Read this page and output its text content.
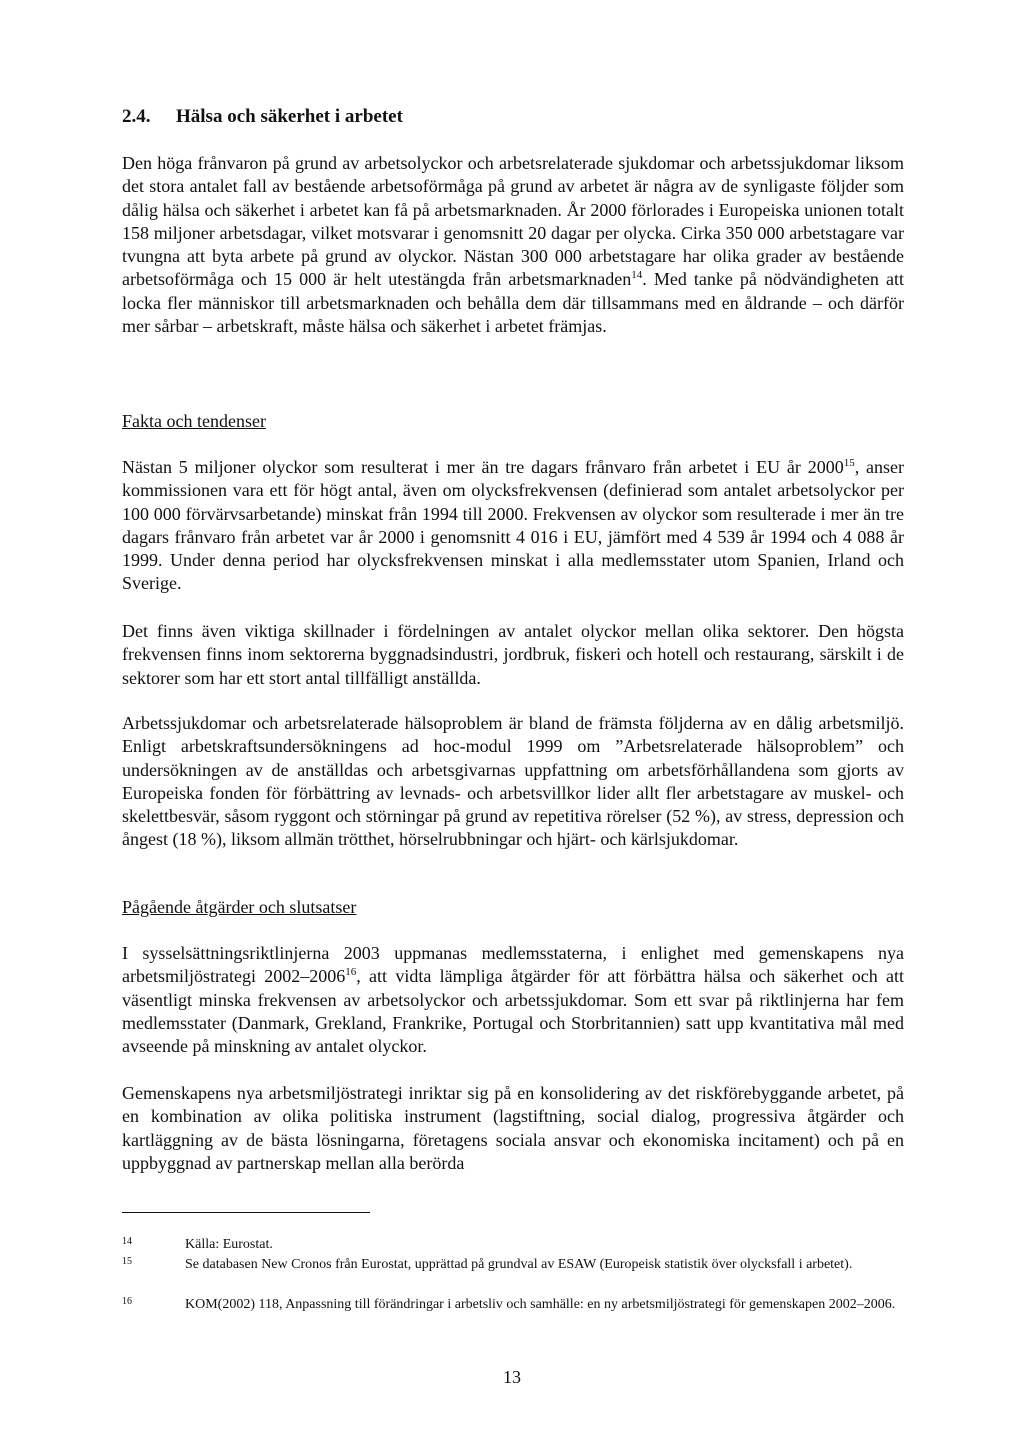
2.4. Hälsa och säkerhet i arbetet

Den höga frånvaron på grund av arbetsolyckor och arbetsrelaterade sjukdomar och arbetssjukdomar liksom det stora antalet fall av bestående arbetsoförmåga på grund av arbetet är några av de synligaste följder som dålig hälsa och säkerhet i arbetet kan få på arbetsmarknaden. År 2000 förlorades i Europeiska unionen totalt 158 miljoner arbetsdagar, vilket motsvarar i genomsnitt 20 dagar per olycka. Cirka 350 000 arbetstagare var tvungna att byta arbete på grund av olyckor. Nästan 300 000 arbetstagare har olika grader av bestående arbetsoförmåga och 15 000 är helt utestängda från arbetsmarknaden$^{14}$. Med tanke på nödvändigheten att locka fler människor till arbetsmarknaden och behålla dem där tillsammans med en åldrande – och därför mer sårbar – arbetskraft, måste hälsa och säkerhet i arbetet främjas.

Fakta och tendenser

Nästan 5 miljoner olyckor som resulterat i mer än tre dagars frånvaro från arbetet i EU år 2000$^{15}$, anser kommissionen vara ett för högt antal, även om olycksfrekvensen (definierad som antalet arbetsolyckor per 100 000 förvärvsarbetande) minskat från 1994 till 2000. Frekvensen av olyckor som resulterade i mer än tre dagars frånvaro från arbetet var år 2000 i genomsnitt 4 016 i EU, jämfört med 4 539 år 1994 och 4 088 år 1999. Under denna period har olycksfrekvensen minskat i alla medlemsstater utom Spanien, Irland och Sverige.

Det finns även viktiga skillnader i fördelningen av antalet olyckor mellan olika sektorer. Den högsta frekvensen finns inom sektorerna byggnadsindustri, jordbruk, fiskeri och hotell och restaurang, särskilt i de sektorer som har ett stort antal tillfälligt anställda.

Arbetssjukdomar och arbetsrelaterade hälsoproblem är bland de främsta följderna av en dålig arbetsmiljö. Enligt arbetskraftsundersökningens ad hoc-modul 1999 om ”Arbetsrelaterade hälsoproblem” och undersökningen av de anställdas och arbetsgivarnas uppfattning om arbetsförhållandena som gjorts av Europeiska fonden för förbättring av levnads- och arbetsvillkor lider allt fler arbetstagare av muskel- och skelettbesvär, såsom ryggont och störningar på grund av repetitiva rörelser (52 %), av stress, depression och ångest (18 %), liksom allmän trötthet, hörselrubbningar och hjärt- och kärlsjukdomar.

Pågående åtgärder och slutsatser

I sysselsättningsriktlinjerna 2003 uppmanas medlemsstaterna, i enlighet med gemenskapens nya arbetsmiljöstrategi 2002–2006$^{16}$, att vidta lämpliga åtgärder för att förbättra hälsa och säkerhet och att väsentligt minska frekvensen av arbetsolyckor och arbetssjukdomar. Som ett svar på riktlinjerna har fem medlemsstater (Danmark, Grekland, Frankrike, Portugal och Storbritannien) satt upp kvantitativa mål med avseende på minskning av antalet olyckor.

Gemenskapens nya arbetsmiljöstrategi inriktar sig på en konsolidering av det riskförebyggande arbetet, på en kombination av olika politiska instrument (lagstiftning, social dialog, progressiva åtgärder och kartläggning av de bästa lösningarna, företagens sociala ansvar och ekonomiska incitament) och på en uppbyggnad av partnerskap mellan alla berörda

14	Källa: Eurostat.
15	Se databasen New Cronos från Eurostat, upprättad på grundval av ESAW (Europeisk statistik över olycksfall i arbetet).
16	KOM(2002) 118, Anpassning till förändringar i arbetsliv och samhälle: en ny arbetsmiljöstrategi för gemenskapen 2002–2006.
13
